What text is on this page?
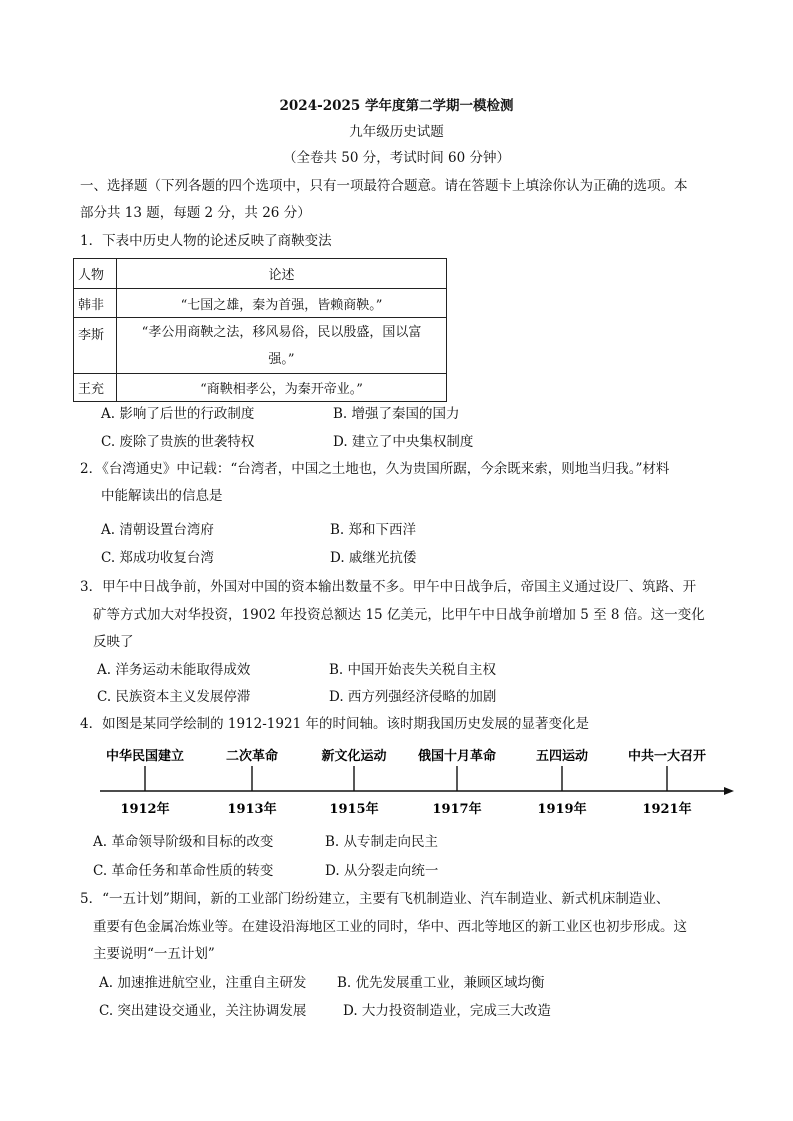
2024-2025 学年度第二学期一模检测
九年级历史试题
（全卷共 50 分，考试时间 60 分钟）
一、选择题（下列各题的四个选项中，只有一项最符合题意。请在答题卡上填涂你认为正确的选项。本
部分共 13 题，每题 2 分，共 26 分）
1．下表中历史人物的论述反映了商鞅变法
人物	论述
韩非	“七国之雄，秦为首强，皆赖商鞅。”
李斯	“孝公用商鞅之法，移风易俗，民以殷盛，国以富
强。”

王充	“商鞅相孝公，为秦开帝业。”
A. 影响了后世的行政制度	B. 增强了秦国的国力
C. 废除了贵族的世袭特权	D. 建立了中央集权制度
2．《台湾通史》中记载：“台湾者，中国之土地也，久为贵国所踞，今余既来索，则地当归我。”材料
中能解读出的信息是
A. 清朝设置台湾府	B. 郑和下西洋
C. 郑成功收复台湾	D. 戚继光抗倭
3．甲午中日战争前，外国对中国的资本输出数量不多。甲午中日战争后，帝国主义通过设厂、筑路、开
矿等方式加大对华投资，1902 年投资总额达 15 亿美元，比甲午中日战争前增加 5 至 8 倍。这一变化
反映了
A. 洋务运动未能取得成效	B. 中国开始丧失关税自主权
C. 民族资本主义发展停滞	D. 西方列强经济侵略的加剧
4．如图是某同学绘制的 1912-1921 年的时间轴。该时期我国历史发展的显著变化是
中华民国建立
1912年
二次革命
1913年
新文化运动
1915年
俄国十月革命
1917年
五四运动
1919年
中共一大召开
1921年
A. 革命领导阶级和目标的改变	B. 从专制走向民主
C. 革命任务和革命性质的转变	D. 从分裂走向统一
5．“一五计划”期间，新的工业部门纷纷建立，主要有飞机制造业、汽车制造业、新式机床制造业、
重要有色金属冶炼业等。在建设沿海地区工业的同时，华中、西北等地区的新工业区也初步形成。这
主要说明“一五计划”
A. 加速推进航空业，注重自主研发 B. 优先发展重工业，兼顾区域均衡
C. 突出建设交通业，关注协调发展	D. 大力投资制造业，完成三大改造
